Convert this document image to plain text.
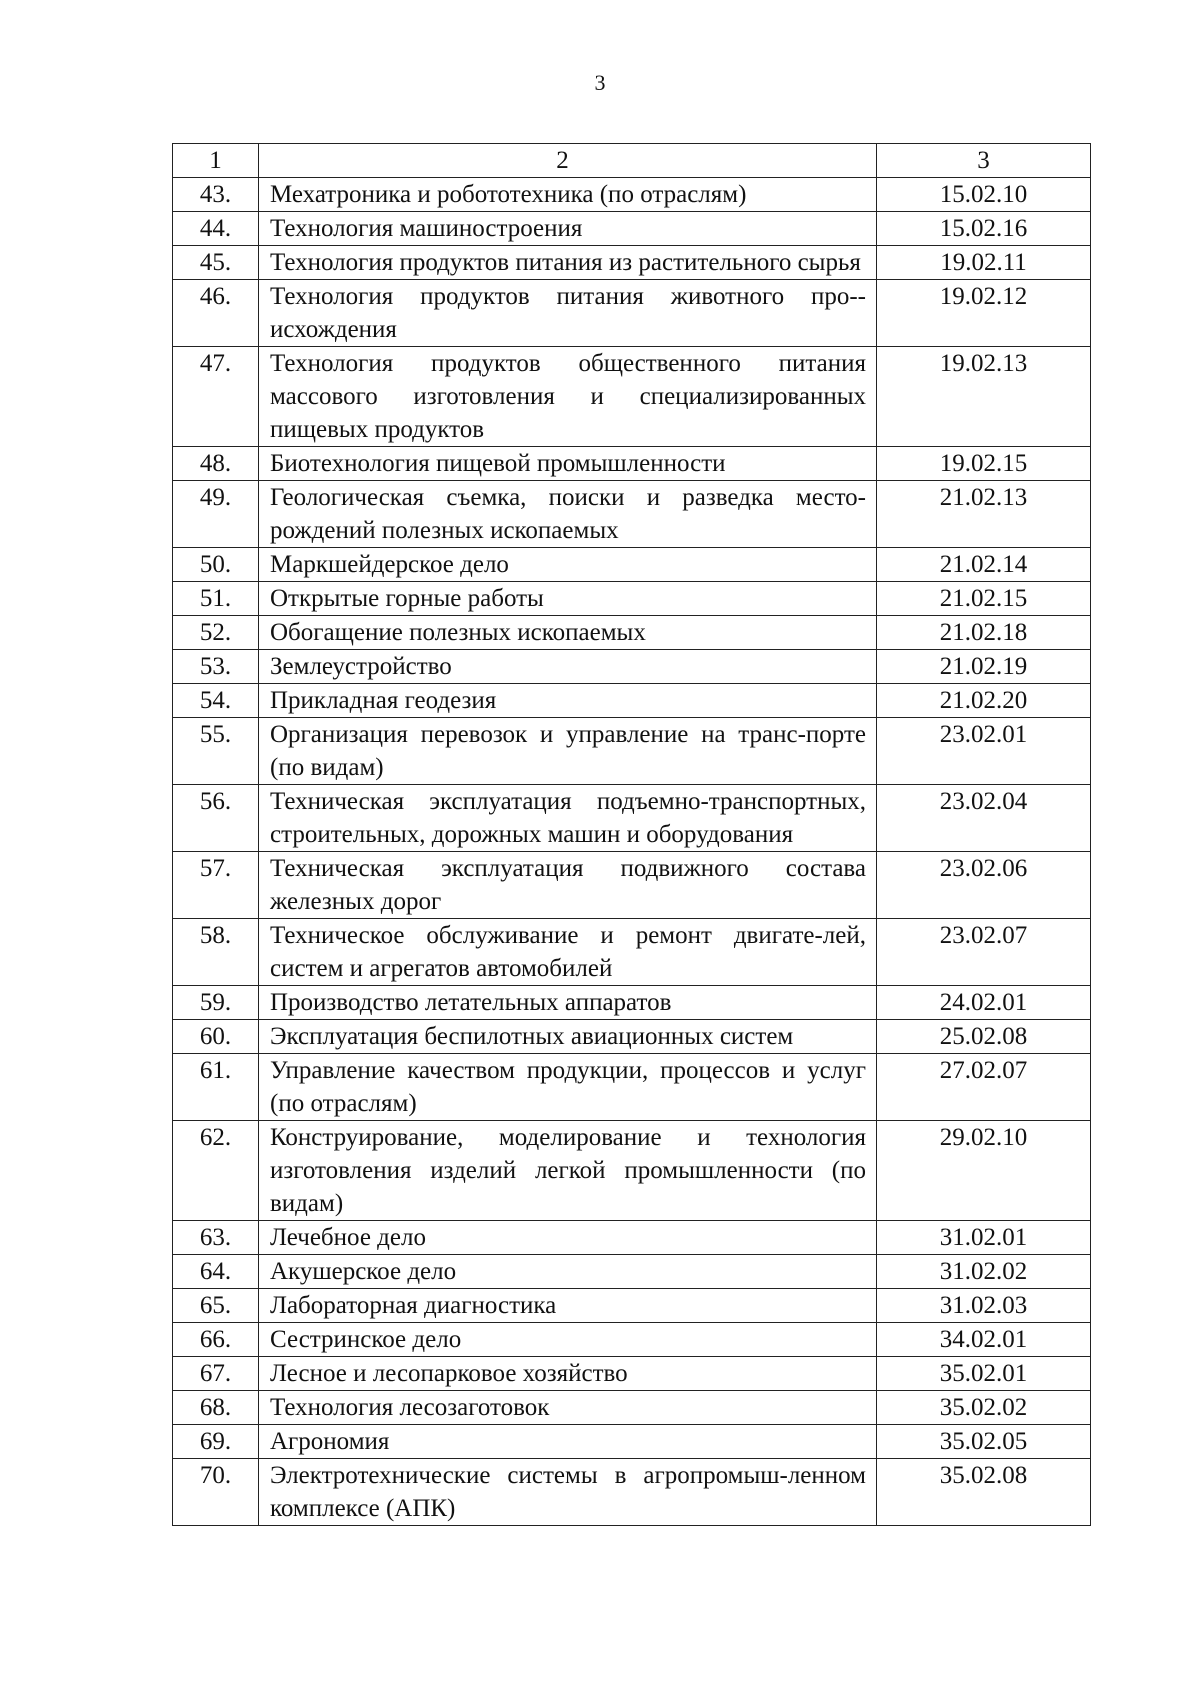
3
1	2	3
43.	Мехатроника и робототехника (по отраслям)	15.02.10
44.	Технология машиностроения	15.02.16
45.	Технология продуктов питания из растительного сырья	19.02.11
46.	Технология продуктов питания животного про-исхождения	19.02.12
47.	Технология продуктов общественного питания массового изготовления и специализированных пищевых продуктов	19.02.13
48.	Биотехнология пищевой промышленности	19.02.15
49.	Геологическая съемка, поиски и разведка место-рождений полезных ископаемых	21.02.13
50.	Маркшейдерское дело	21.02.14
51.	Открытые горные работы	21.02.15
52.	Обогащение полезных ископаемых	21.02.18
53.	Землеустройство	21.02.19
54.	Прикладная геодезия	21.02.20
55.	Организация перевозок и управление на транс-порте (по видам)	23.02.01
56.	Техническая эксплуатация подъемно-транспортных, строительных, дорожных машин и оборудования	23.02.04
57.	Техническая эксплуатация подвижного состава железных дорог	23.02.06
58.	Техническое обслуживание и ремонт двигате-лей, систем и агрегатов автомобилей	23.02.07
59.	Производство летательных аппаратов	24.02.01
60.	Эксплуатация беспилотных авиационных систем	25.02.08
61.	Управление качеством продукции, процессов и услуг (по отраслям)	27.02.07
62.	Конструирование, моделирование и технология изготовления изделий легкой промышленности (по видам)	29.02.10
63.	Лечебное дело	31.02.01
64.	Акушерское дело	31.02.02
65.	Лабораторная диагностика	31.02.03
66.	Сестринское дело	34.02.01
67.	Лесное и лесопарковое хозяйство	35.02.01
68.	Технология лесозаготовок	35.02.02
69.	Агрономия	35.02.05
70.	Электротехнические системы в агропромыш-ленном комплексе (АПК)	35.02.08
